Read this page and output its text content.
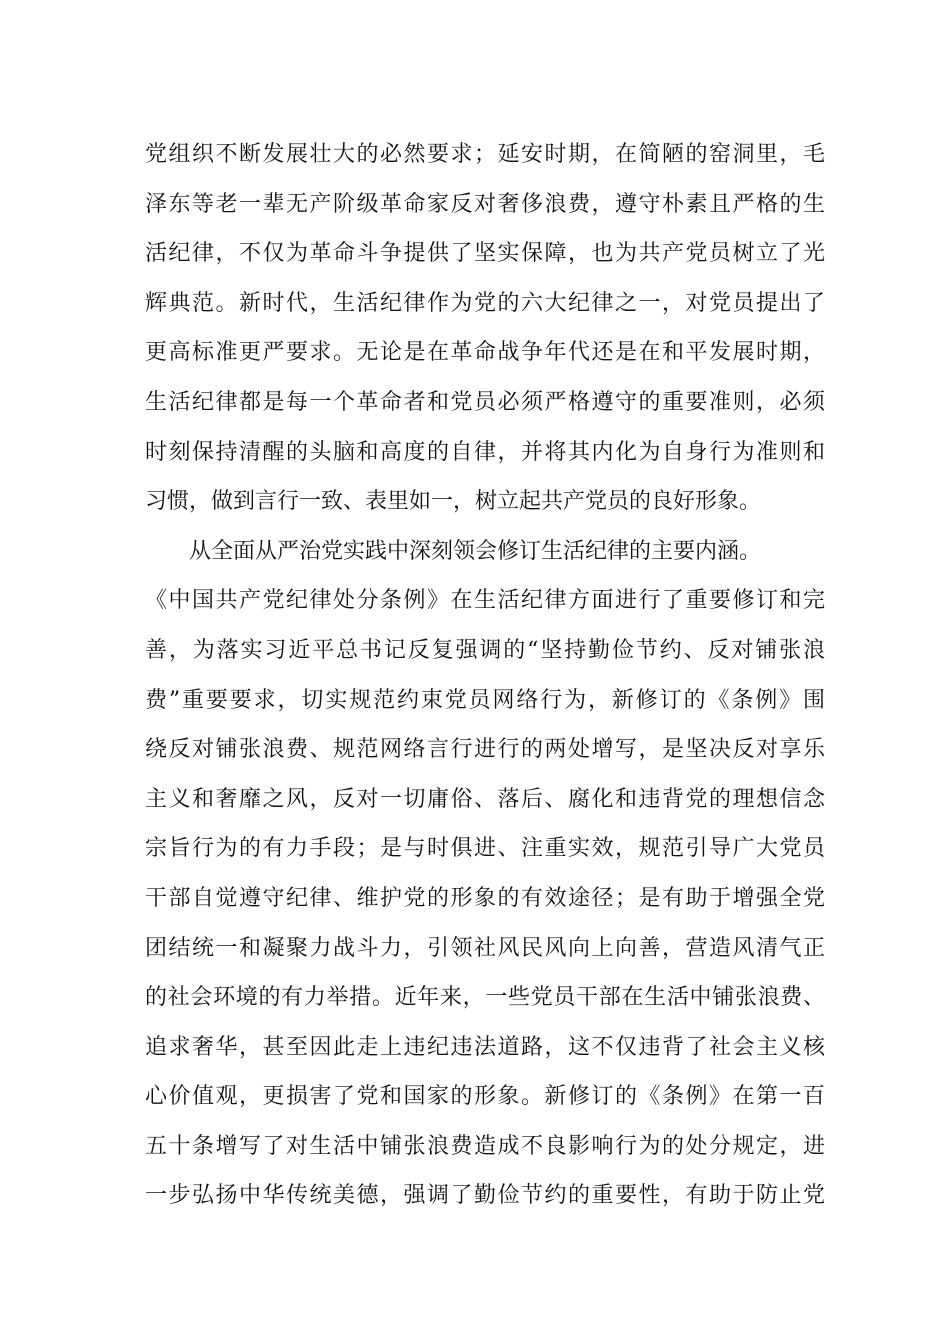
党组织不断发展壮大的必然要求；延安时期，在简陋的窑洞里，毛
泽东等老一辈无产阶级革命家反对奢侈浪费，遵守朴素且严格的生
活纪律，不仅为革命斗争提供了坚实保障，也为共产党员树立了光
辉典范。新时代，生活纪律作为党的六大纪律之一，对党员提出了
更高标准更严要求。无论是在革命战争年代还是在和平发展时期，
生活纪律都是每一个革命者和党员必须严格遵守的重要准则，必须
时刻保持清醒的头脑和高度的自律，并将其内化为自身行为准则和
习惯，做到言行一致、表里如一，树立起共产党员的良好形象。
从全面从严治党实践中深刻领会修订生活纪律的主要内涵。
《中国共产党纪律处分条例》在生活纪律方面进行了重要修订和完
善，为落实习近平总书记反复强调的“坚持勤俭节约、反对铺张浪
费”重要要求，切实规范约束党员网络行为，新修订的《条例》围
绕反对铺张浪费、规范网络言行进行的两处增写，是坚决反对享乐
主义和奢靡之风，反对一切庸俗、落后、腐化和违背党的理想信念
宗旨行为的有力手段；是与时俱进、注重实效，规范引导广大党员
干部自觉遵守纪律、维护党的形象的有效途径；是有助于增强全党
团结统一和凝聚力战斗力，引领社风民风向上向善，营造风清气正
的社会环境的有力举措。近年来，一些党员干部在生活中铺张浪费、
追求奢华，甚至因此走上违纪违法道路，这不仅违背了社会主义核
心价值观，更损害了党和国家的形象。新修订的《条例》在第一百
五十条增写了对生活中铺张浪费造成不良影响行为的处分规定，进
一步弘扬中华传统美德，强调了勤俭节约的重要性，有助于防止党
